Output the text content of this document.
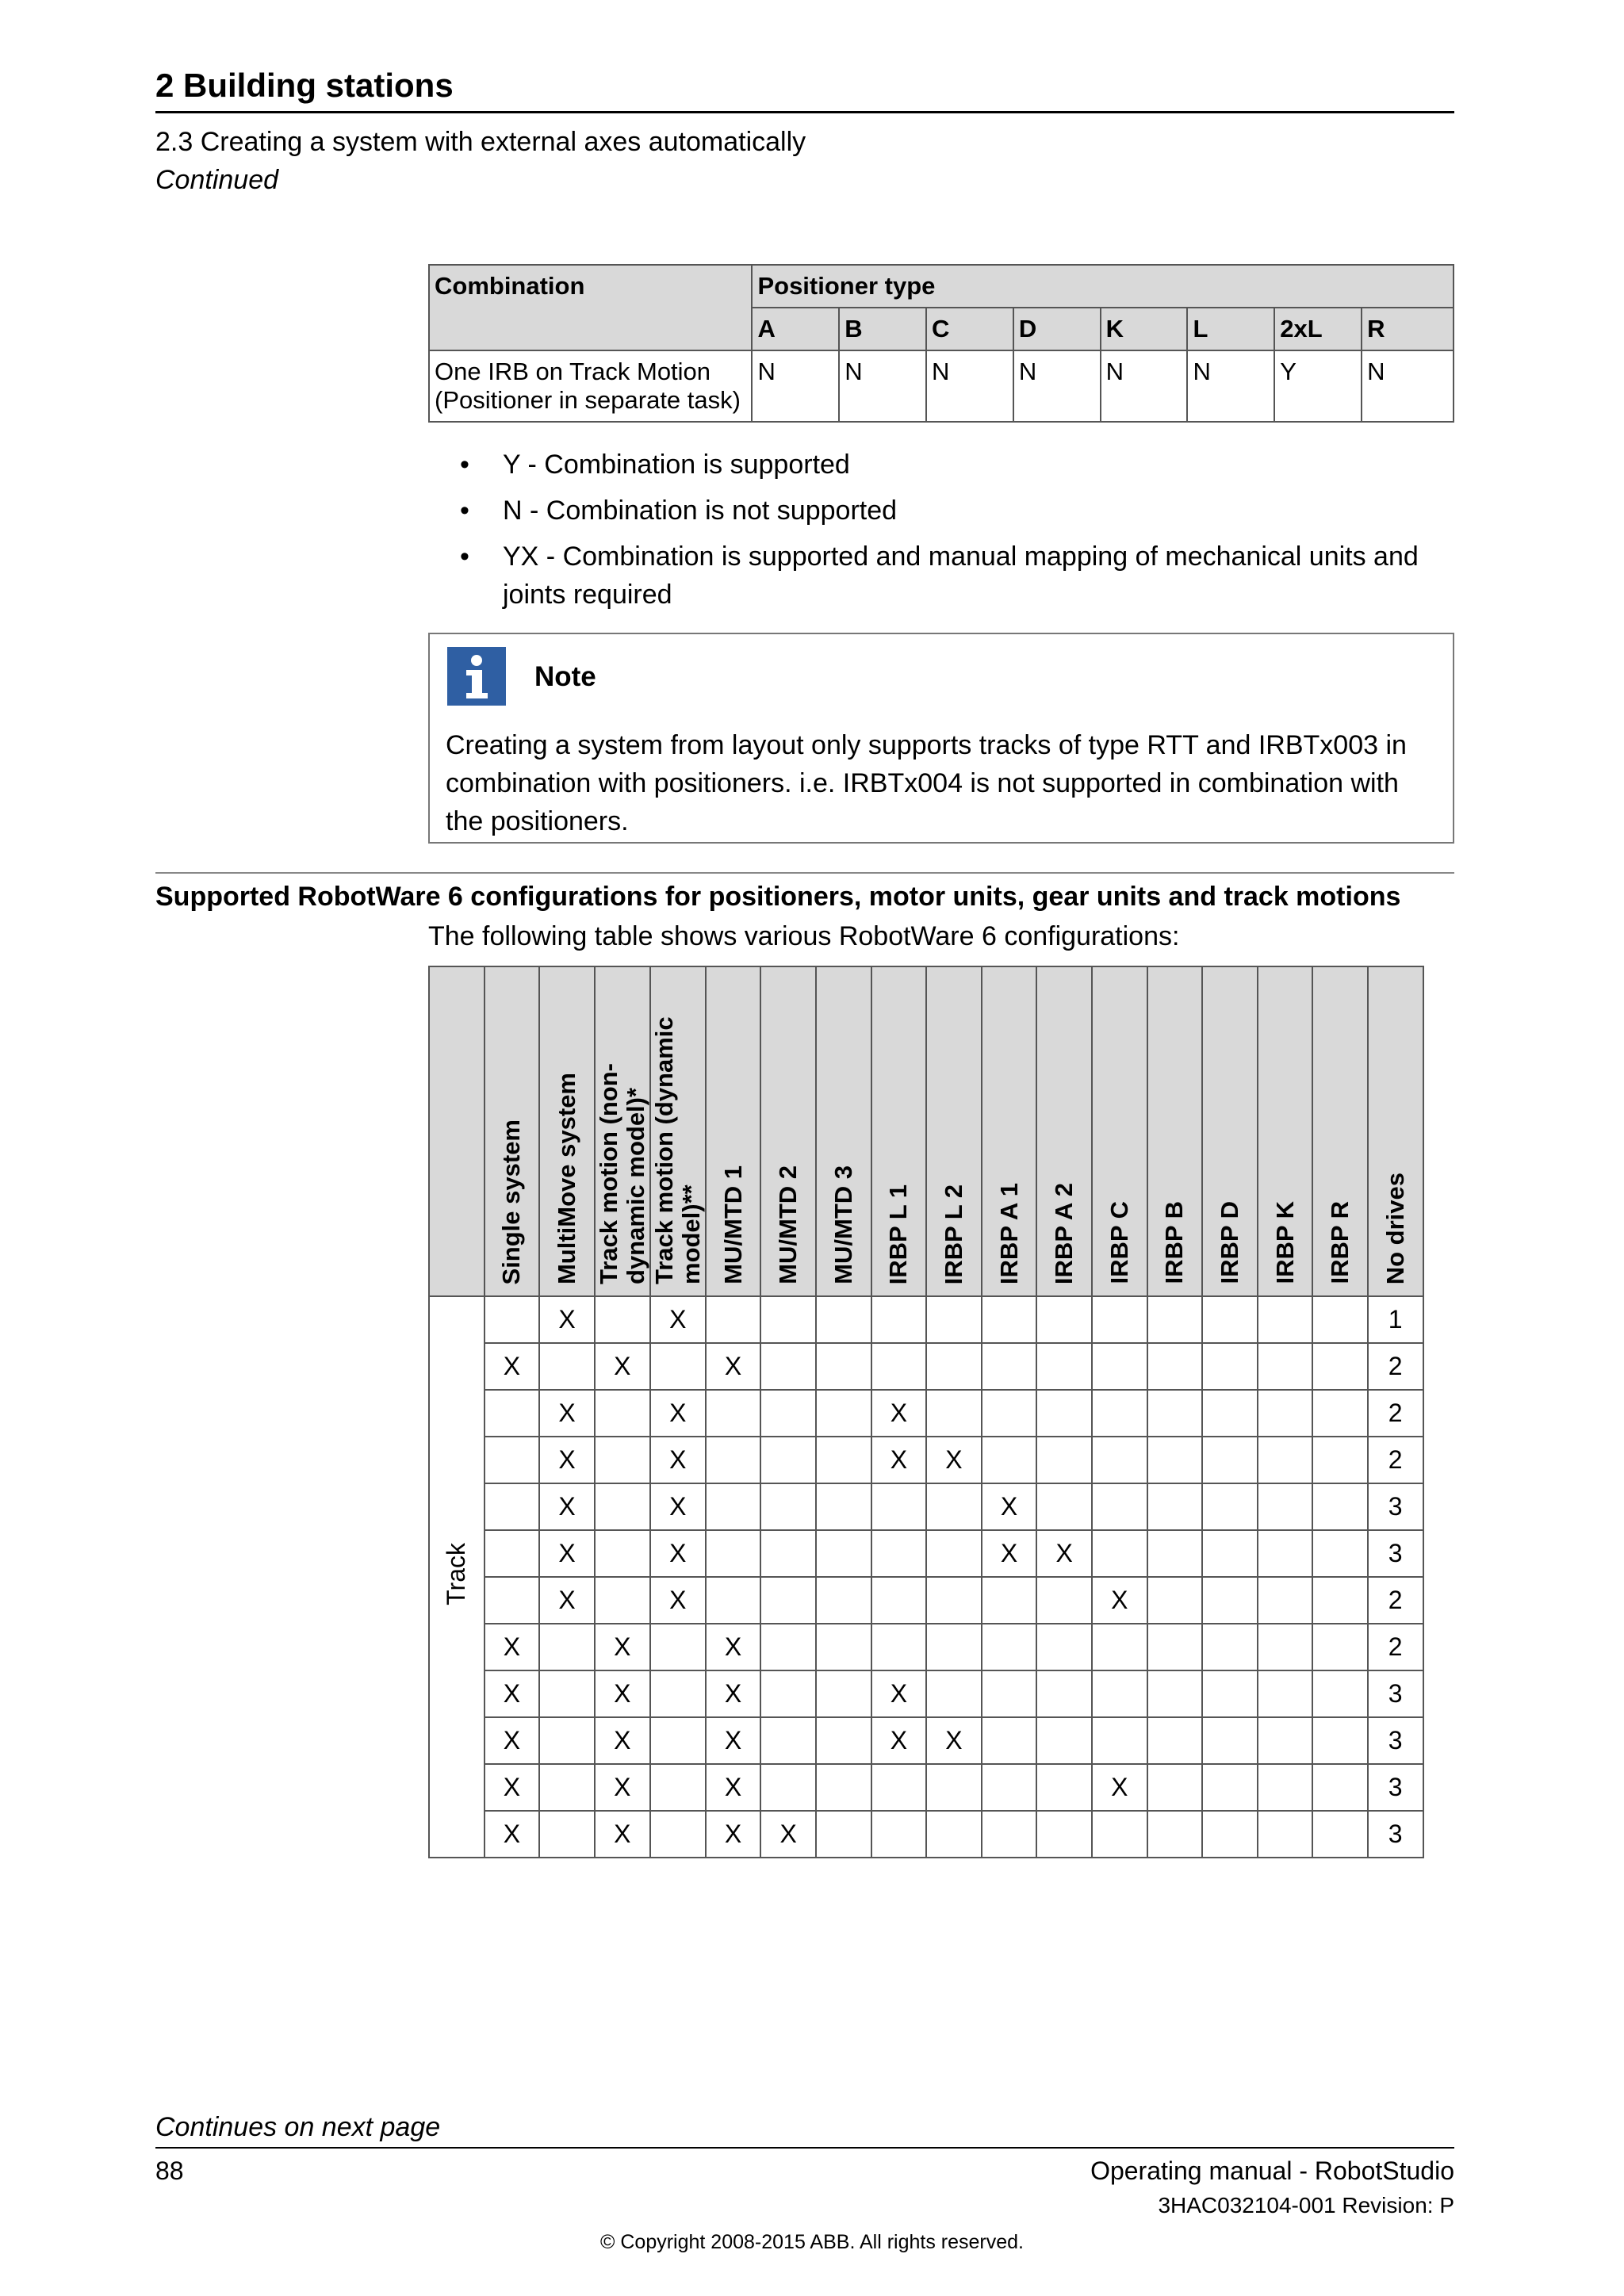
2 Building stations
2.3 Creating a system with external axes automatically
Continued
Combination	Positioner type							
	A	B	C	D	K	L	2xL	R

One IRB on Track Motion
(Positioner in separate task)	N	N	N	N	N	N	Y	N
• Y - Combination is supported
• N - Combination is not supported
• YX - Combination is supported and manual mapping of mechanical units and joints required
Note
Creating a system from layout only supports tracks of type RTT and IRBTx003 in combination with positioners. i.e. IRBTx004 is not supported in combination with the positioners.
Supported RobotWare 6 configurations for positioners, motor units, gear units and track motions
The following table shows various RobotWare 6 configurations:
	Single system	MultiMove system	Track motion (non-dynamic model)*	Track motion (dynamic model)**	MU/MTD 1	MU/MTD 2	MU/MTD 3	IRBP L 1	IRBP L 2	IRBP A 1	IRBP A 2	IRBP C	IRBP B	IRBP D	IRBP K	IRBP R	No drives
Track		X		X													1
	X		X		X												2
		X		X				X									2
		X		X				X	X								2
		X		X						X							3
		X		X						X	X						3
		X		X								X					2
	X		X		X												2
	X		X		X			X									3
	X		X		X			X	X								3
	X		X		X							X					3
	X		X		X	X											3
Continues on next page
88	Operating manual - RobotStudio
3HAC032104-001 Revision: P
© Copyright 2008-2015 ABB. All rights reserved.
